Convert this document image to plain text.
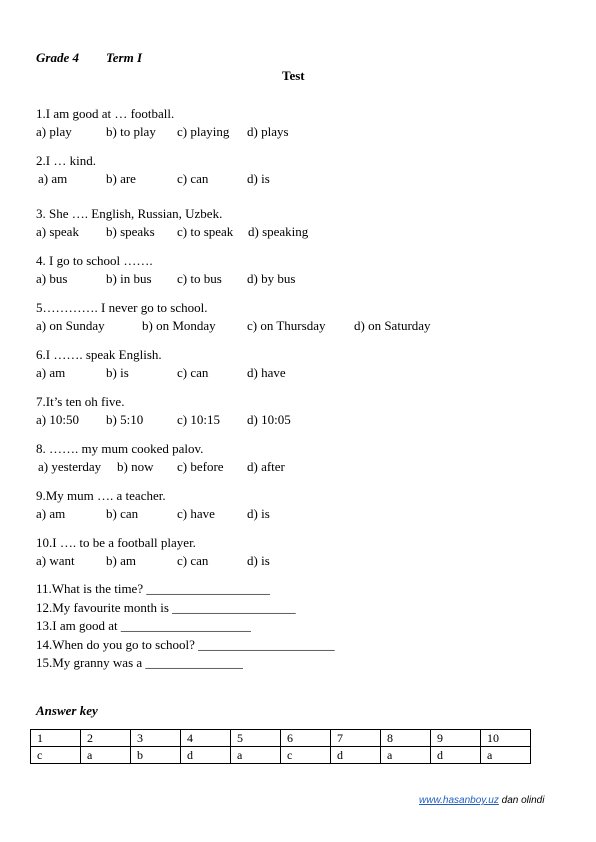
Grade 4 Term I
Test
1.I am good at … football.
a) play	b) to play c) playing d) plays
2.I … kind.
a) am	b) are	c) can	d) is
3. She …. English, Russian, Uzbek.
a) speak b) speaks c) to speak d) speaking
4. I go to school …….
a) bus	b) in bus c) to bus d) by bus
5…………. I never go to school.
a) on Sunday	b) on Monday c) on Thursday d) on Saturday
6.I ……. speak English.
a) am	b) is	c) can	d) have
7.It’s ten oh five.
a) 10:50 b) 5:10	c) 10:15 d) 10:05
8. ……. my mum cooked palov.
a) yesterday b) now c) before d) after
9.My mum …. a teacher.
a) am	b) can	c) have d) is
10.I …. to be a football player.
a) want b) am	c) can	d) is
11.What is the time? ___________________
12.My favourite month is ___________________
13.I am good at ____________________
14.When do you go to school? _____________________
15.My granny was a _______________
Answer key
1	2	3	4	5	6	7	8	9	10
c	a	b	d	a	c	d	a	d	a
www.hasanboy.uz dan olindi
